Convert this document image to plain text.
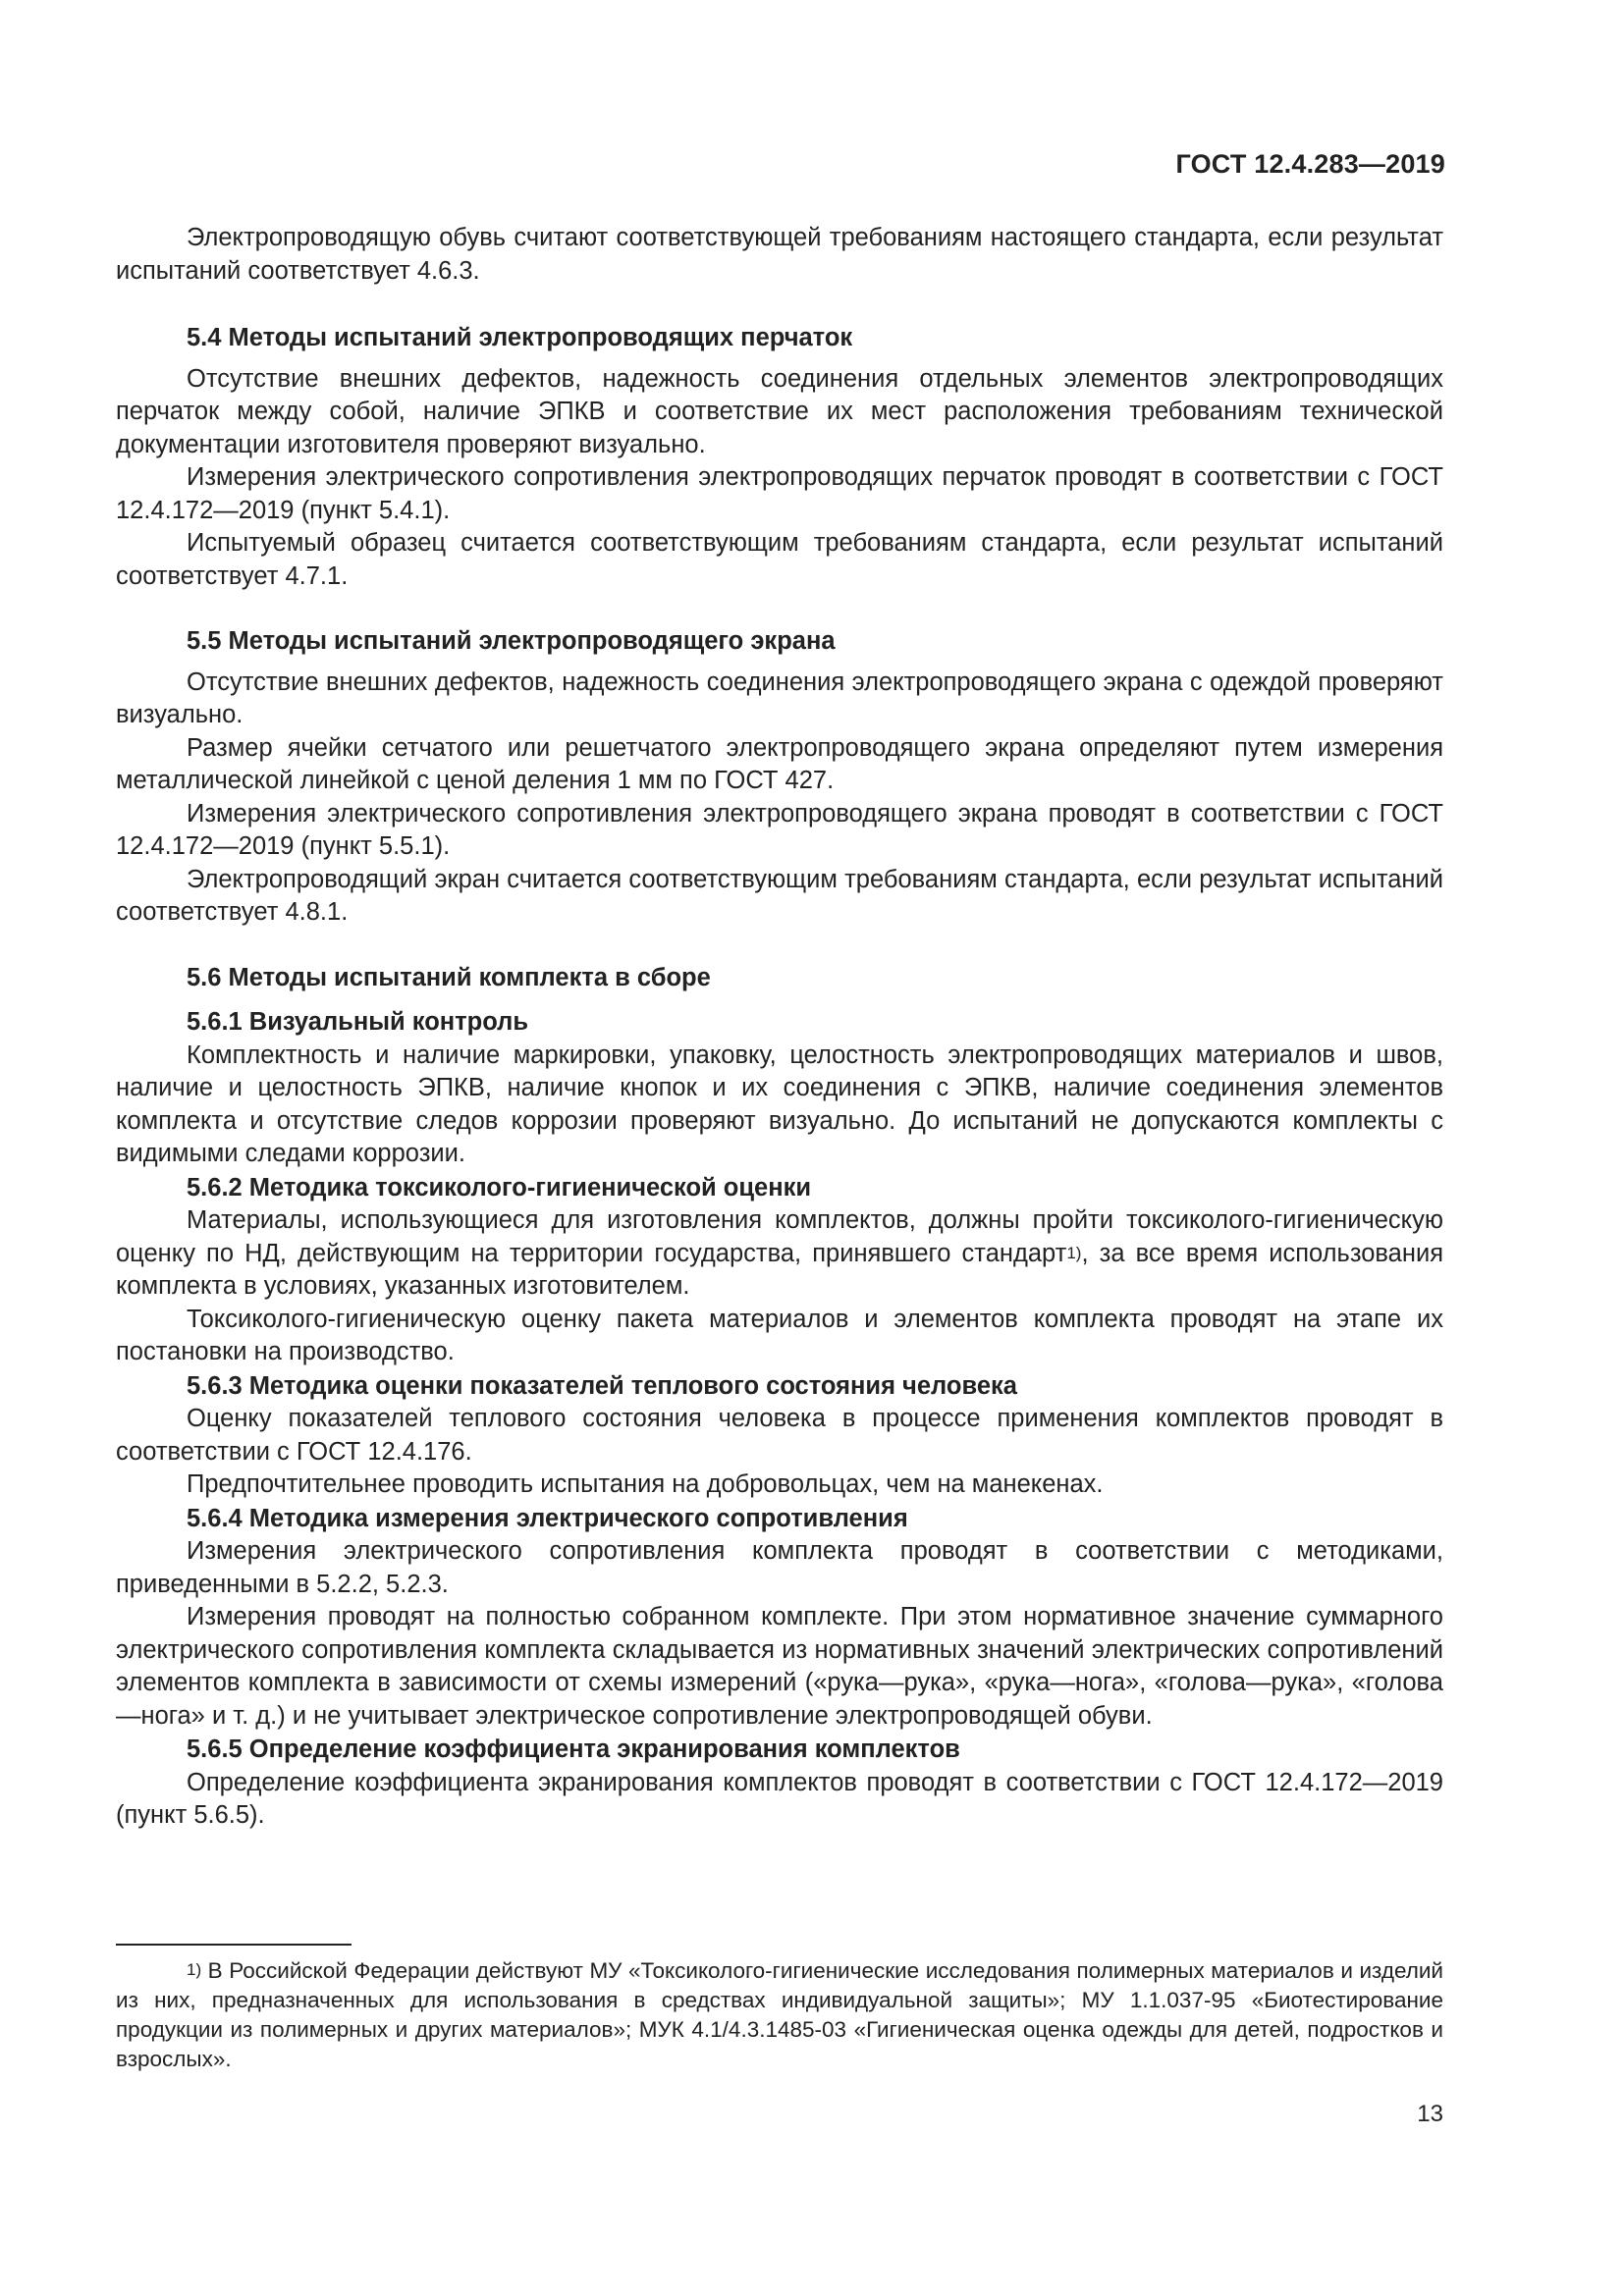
ГОСТ 12.4.283—2019

Электропроводящую обувь считают соответствующей требованиям настоящего стандарта, если результат испытаний соответствует 4.6.3.

5.4 Методы испытаний электропроводящих перчаток

Отсутствие внешних дефектов, надежность соединения отдельных элементов электропроводящих перчаток между собой, наличие ЭПКВ и соответствие их мест расположения требованиям технической документации изготовителя проверяют визуально.

Измерения электрического сопротивления электропроводящих перчаток проводят в соответствии с ГОСТ 12.4.172—2019 (пункт 5.4.1).

Испытуемый образец считается соответствующим требованиям стандарта, если результат испытаний соответствует 4.7.1.

5.5 Методы испытаний электропроводящего экрана

Отсутствие внешних дефектов, надежность соединения электропроводящего экрана с одеждой проверяют визуально.

Размер ячейки сетчатого или решетчатого электропроводящего экрана определяют путем измерения металлической линейкой с ценой деления 1 мм по ГОСТ 427.

Измерения электрического сопротивления электропроводящего экрана проводят в соответствии с ГОСТ 12.4.172—2019 (пункт 5.5.1).

Электропроводящий экран считается соответствующим требованиям стандарта, если результат испытаний соответствует 4.8.1.

5.6 Методы испытаний комплекта в сборе
5.6.1 Визуальный контроль

Комплектность и наличие маркировки, упаковку, целостность электропроводящих материалов и швов, наличие и целостность ЭПКВ, наличие кнопок и их соединения с ЭПКВ, наличие соединения элементов комплекта и отсутствие следов коррозии проверяют визуально. До испытаний не допускаются комплекты с видимыми следами коррозии.

5.6.2 Методика токсиколого-гигиенической оценки

Материалы, использующиеся для изготовления комплектов, должны пройти токсиколого-гигиеническую оценку по НД, действующим на территории государства, принявшего стандарт$^{1)}$, за все время использования комплекта в условиях, указанных изготовителем.

Токсиколого-гигиеническую оценку пакета материалов и элементов комплекта проводят на этапе их постановки на производство.

5.6.3 Методика оценки показателей теплового состояния человека

Оценку показателей теплового состояния человека в процессе применения комплектов проводят в соответствии с ГОСТ 12.4.176.

Предпочтительнее проводить испытания на добровольцах, чем на манекенах.

5.6.4 Методика измерения электрического сопротивления

Измерения электрического сопротивления комплекта проводят в соответствии с методиками, приведенными в 5.2.2, 5.2.3.

Измерения проводят на полностью собранном комплекте. При этом нормативное значение суммарного электрического сопротивления комплекта складывается из нормативных значений электрических сопротивлений элементов комплекта в зависимости от схемы измерений («рука—рука», «рука—нога», «голова—рука», «голова—нога» и т. д.) и не учитывает электрическое сопротивление электропроводящей обуви.

5.6.5 Определение коэффициента экранирования комплектов

Определение коэффициента экранирования комплектов проводят в соответствии с ГОСТ 12.4.172—2019 (пункт 5.6.5).

$^{1)}$ В Российской Федерации действуют МУ «Токсиколого-гигиенические исследования полимерных материалов и изделий из них, предназначенных для использования в средствах индивидуальной защиты»; МУ 1.1.037-95 «Биотестирование продукции из полимерных и других материалов»; МУК 4.1/4.3.1485-03 «Гигиеническая оценка одежды для детей, подростков и взрослых».

13
